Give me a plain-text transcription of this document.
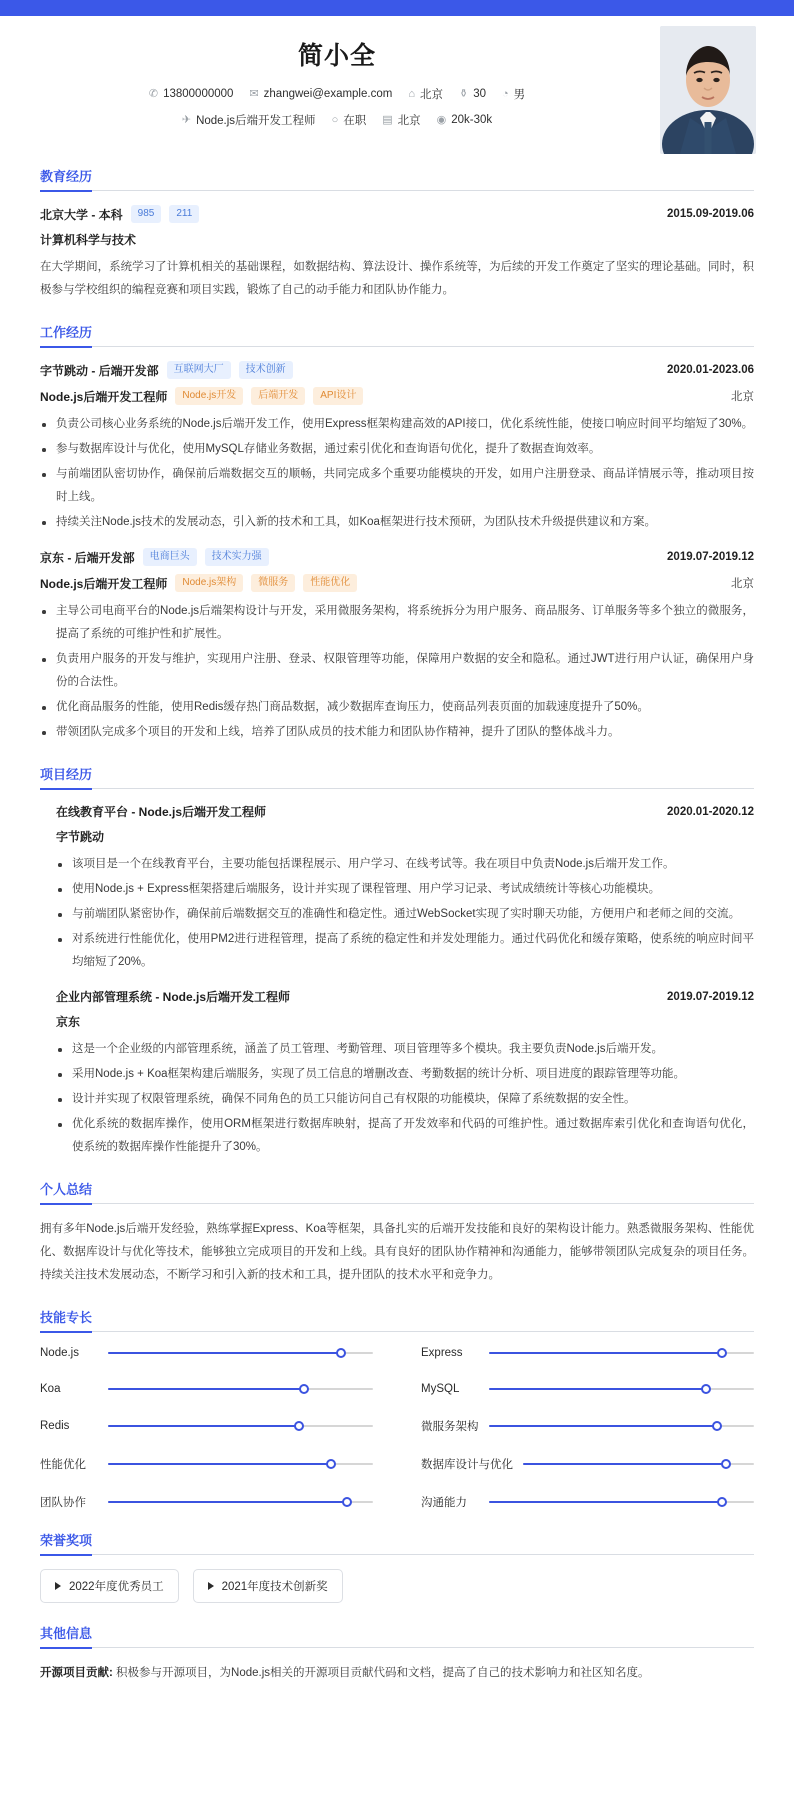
简小全
✆ 13800000000 ✉ zhangwei@example.com ⌂ 北京 ⚱ 30 ◔ 男
✈ Node.js后端开发工程师 ○ 在职 ▤ 北京 ◉ 20k-30k
教育经历
北京大学 - 本科	985	211	2015.09-2019.06
计算机科学与技术

在大学期间，系统学习了计算机相关的基础课程，如数据结构、算法设计、操作系统等，为后续的开发工作奠定了坚实的理论基础。同时，积极参与学校组织的编程竞赛和项目实践，锻炼了自己的动手能力和团队协作能力。

工作经历
字节跳动 - 后端开发部	互联网大厂	技术创新	2020.01-2023.06
Node.js后端开发工程师	Node.js开发	后端开发	API设计	北京
负责公司核心业务系统的Node.js后端开发工作，使用Express框架构建高效的API接口，优化系统性能，使接口响应时间平均缩短了30%。
参与数据库设计与优化，使用MySQL存储业务数据，通过索引优化和查询语句优化，提升了数据查询效率。
与前端团队密切协作，确保前后端数据交互的顺畅，共同完成多个重要功能模块的开发，如用户注册登录、商品详情展示等，推动项目按时上线。
持续关注Node.js技术的发展动态，引入新的技术和工具，如Koa框架进行技术预研，为团队技术升级提供建议和方案。
京东 - 后端开发部	电商巨头	技术实力强	2019.07-2019.12
Node.js后端开发工程师	Node.js架构	微服务	性能优化	北京
主导公司电商平台的Node.js后端架构设计与开发，采用微服务架构，将系统拆分为用户服务、商品服务、订单服务等多个独立的微服务，提高了系统的可维护性和扩展性。
负责用户服务的开发与维护，实现用户注册、登录、权限管理等功能，保障用户数据的安全和隐私。通过JWT进行用户认证，确保用户身份的合法性。
优化商品服务的性能，使用Redis缓存热门商品数据，减少数据库查询压力，使商品列表页面的加载速度提升了50%。
带领团队完成多个项目的开发和上线，培养了团队成员的技术能力和团队协作精神，提升了团队的整体战斗力。
项目经历
在线教育平台 - Node.js后端开发工程师	2020.01-2020.12
字节跳动
该项目是一个在线教育平台，主要功能包括课程展示、用户学习、在线考试等。我在项目中负责Node.js后端开发工作。
使用Node.js + Express框架搭建后端服务，设计并实现了课程管理、用户学习记录、考试成绩统计等核心功能模块。
与前端团队紧密协作，确保前后端数据交互的准确性和稳定性。通过WebSocket实现了实时聊天功能，方便用户和老师之间的交流。
对系统进行性能优化，使用PM2进行进程管理，提高了系统的稳定性和并发处理能力。通过代码优化和缓存策略，使系统的响应时间平均缩短了20%。
企业内部管理系统 - Node.js后端开发工程师	2019.07-2019.12
京东
这是一个企业级的内部管理系统，涵盖了员工管理、考勤管理、项目管理等多个模块。我主要负责Node.js后端开发。
采用Node.js + Koa框架构建后端服务，实现了员工信息的增删改查、考勤数据的统计分析、项目进度的跟踪管理等功能。
设计并实现了权限管理系统，确保不同角色的员工只能访问自己有权限的功能模块，保障了系统数据的安全性。
优化系统的数据库操作，使用ORM框架进行数据库映射，提高了开发效率和代码的可维护性。通过数据库索引优化和查询语句优化，使系统的数据库操作性能提升了30%。
个人总结

拥有多年Node.js后端开发经验，熟练掌握Express、Koa等框架，具备扎实的后端开发技能和良好的架构设计能力。熟悉微服务架构、性能优化、数据库设计与优化等技术，能够独立完成项目的开发和上线。具有良好的团队协作精神和沟通能力，能够带领团队完成复杂的项目任务。持续关注技术发展动态，不断学习和引入新的技术和工具，提升团队的技术水平和竞争力。

技能专长
Node.js	Express
Koa	MySQL
Redis	微服务架构
性能优化	数据库设计与优化
团队协作	沟通能力
荣誉奖项
2022年度优秀员工	2021年度技术创新奖
其他信息
开源项目贡献: 积极参与开源项目，为Node.js相关的开源项目贡献代码和文档，提高了自己的技术影响力和社区知名度。
